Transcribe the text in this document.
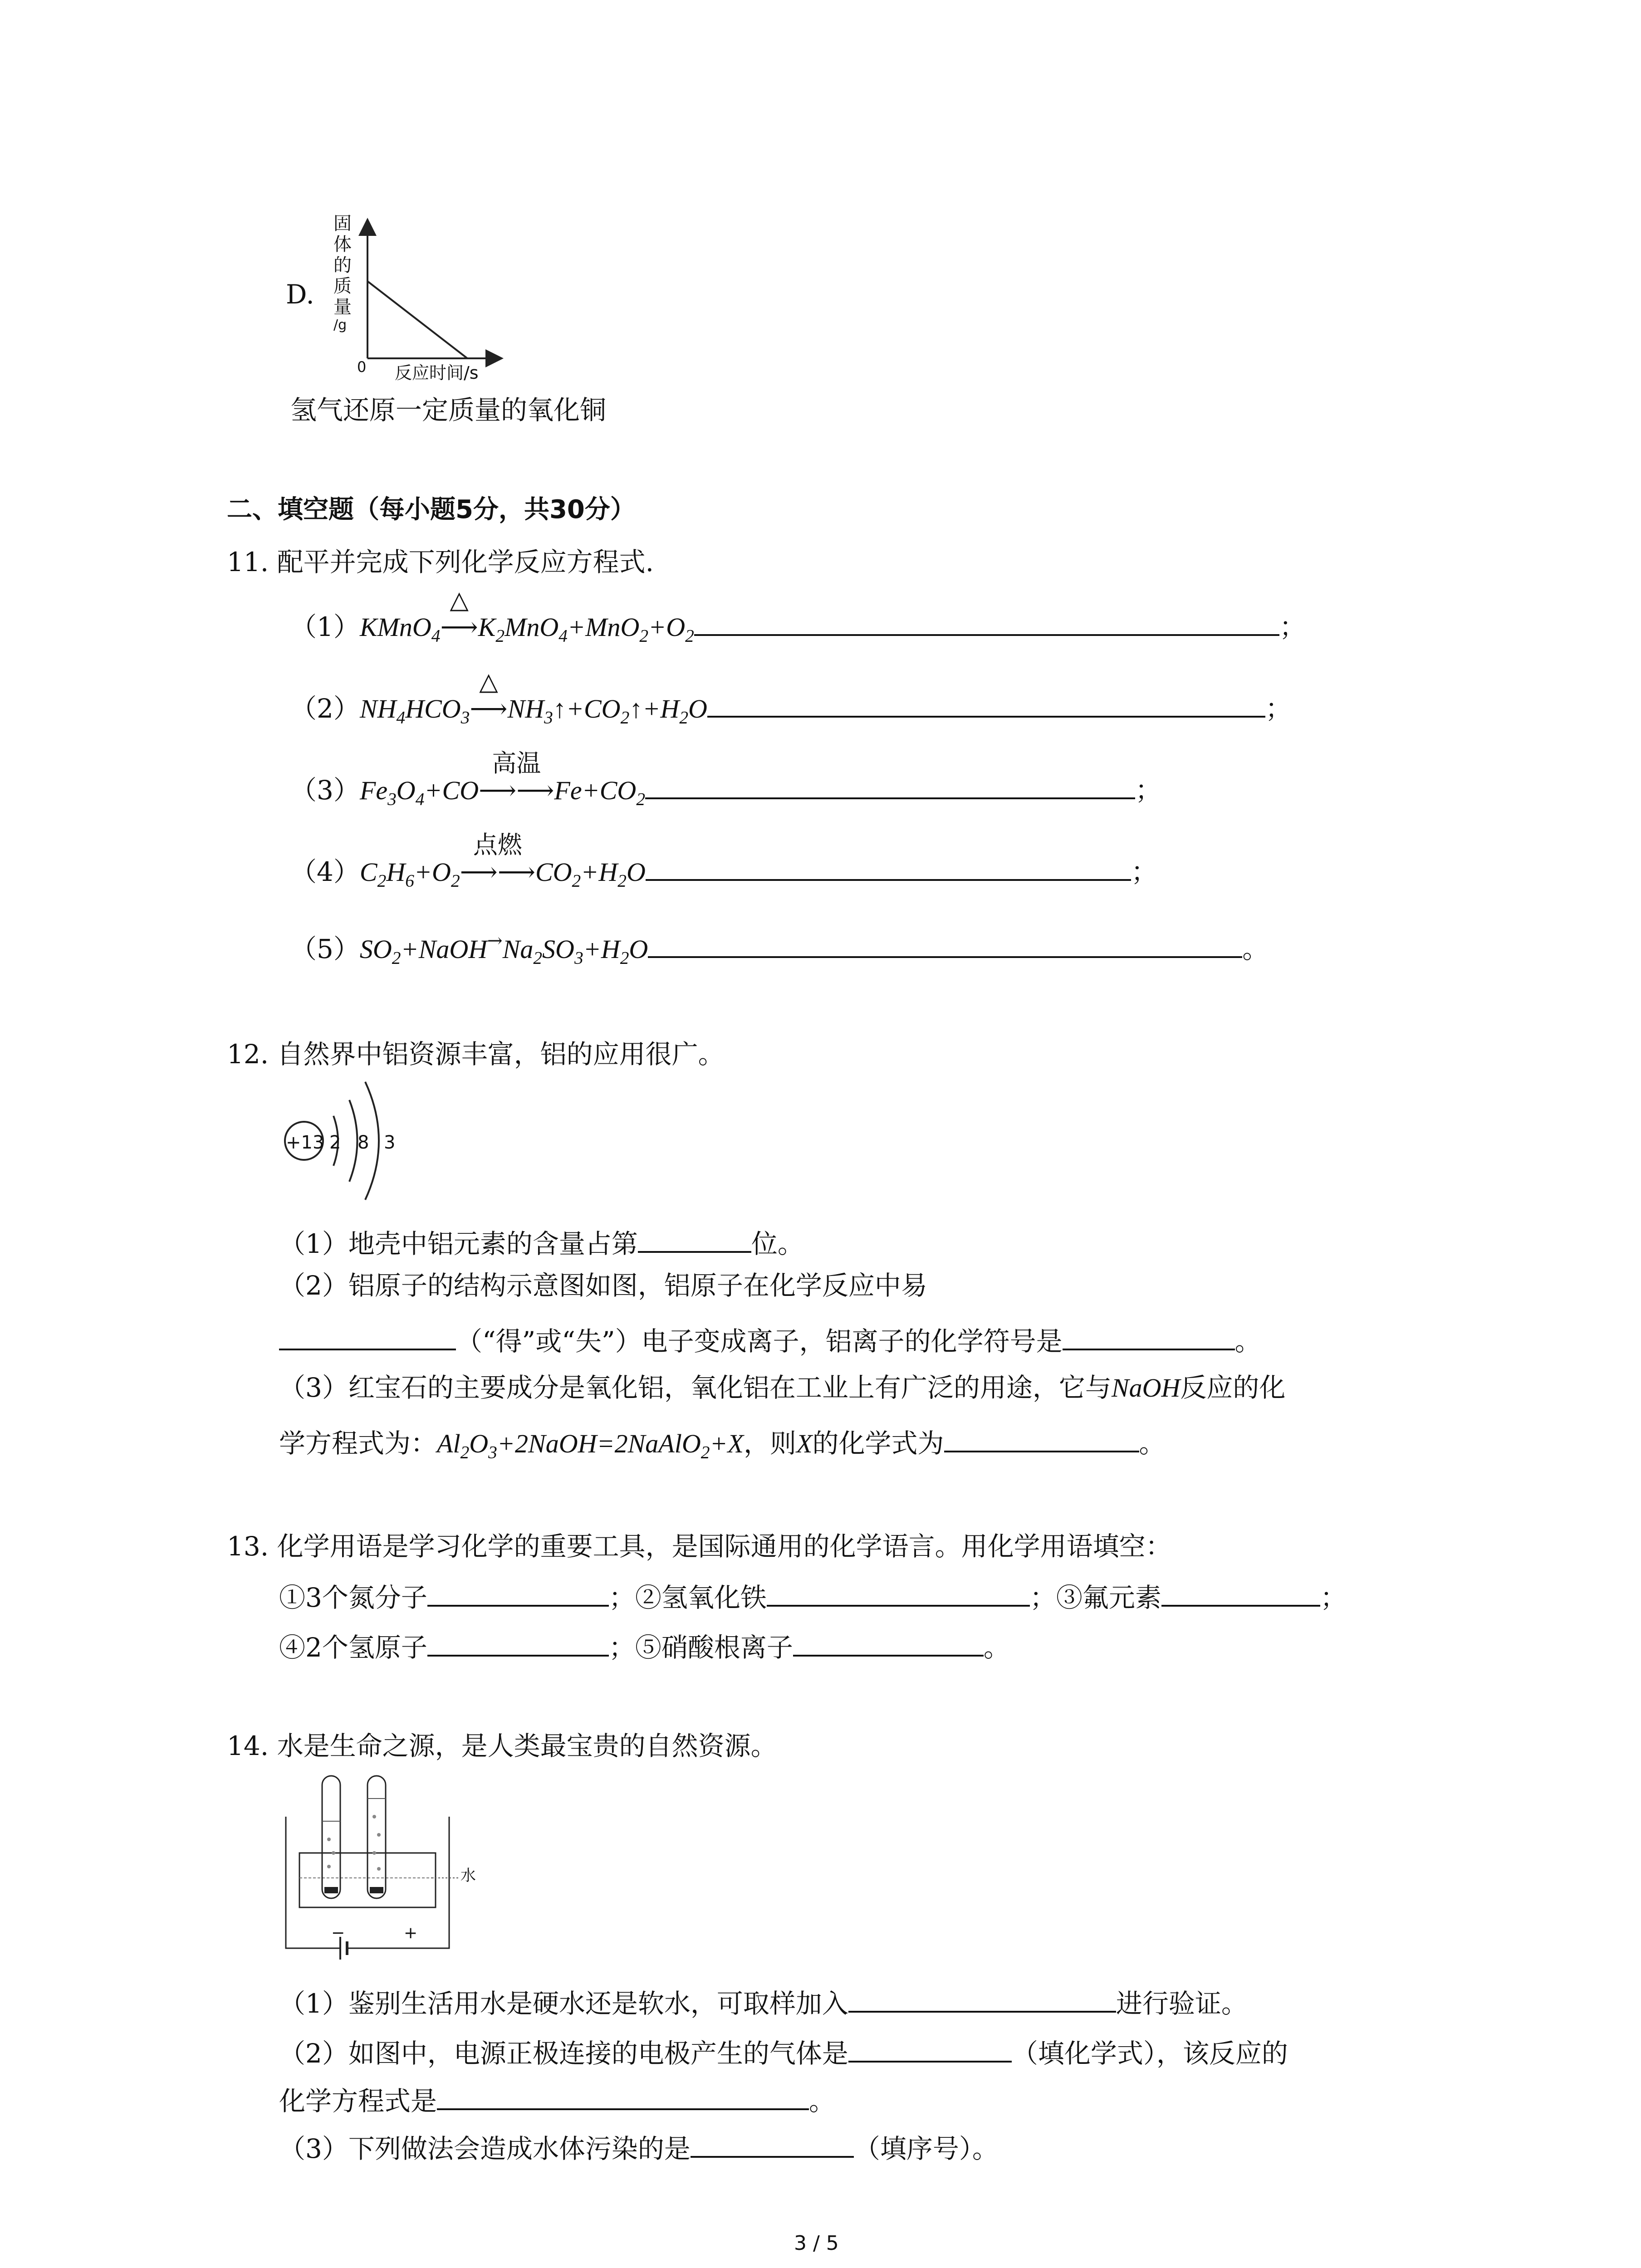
D.
固
体
的
质
量
/g
0 反应时间/s
氢气还原一定质量的氧化铜
二、填空题（每小题5分，共30分）
11. 配平并完成下列化学反应方程式.
（1）KMnO$_4$
△
$⟶K_2MnO_4+MnO_2+O_2$	；
$(2)NH_4HCO_3$
△
$⟶NH_3↑+CO_2↑+H_2O$	；
$(3)Fe_3O_4+CO$
高温
$⟶⟶Fe+CO_2$	；
$(4)C_2H_6+O_2$
点燃
$⟶⟶CO_2+H_2O$	；
$(5)SO_2+NaOH^\to Na_2SO_3+H_2O$	。
12. 自然界中铝资源丰富，铝的应用很广。
+13 2 8 3
（1）地壳中铝元素的含量占第	位。
（2）铝原子的结构示意图如图，铝原子在化学反应中易
（“得”或“失”）电子变成离子，铝离子的化学符号是	。
（3）红宝石的主要成分是氧化铝，氧化铝在工业上有广泛的用途，它与NaOH反应的化
学方程式为：$Al_2O_3+2NaOH=2NaAlO_2+X$，则X的化学式为	。
13. 化学用语是学习化学的重要工具，是国际通用的化学语言。用化学用语填空：
①3个氮分子	；②氢氧化铁	；③氟元素	；
④2个氢原子	；⑤硝酸根离子	。
14. 水是生命之源，是人类最宝贵的自然资源。
水
−	+
（1）鉴别生活用水是硬水还是软水，可取样加入	进行验证。
（2）如图中，电源正极连接的电极产生的气体是	（填化学式），该反应的
化学方程式是	。
（3）下列做法会造成水体污染的是	（填序号）。
3 / 5
